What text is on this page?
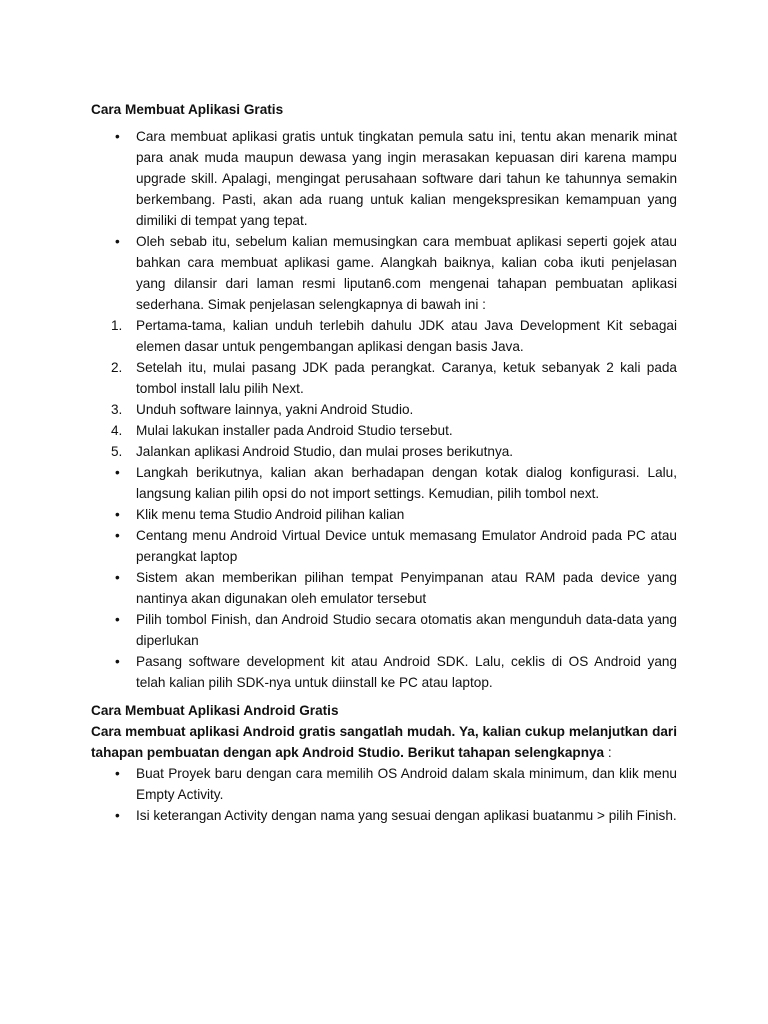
Cara Membuat Aplikasi Gratis

•	Cara membuat aplikasi gratis untuk tingkatan pemula satu ini, tentu akan menarik minat para anak muda maupun dewasa yang ingin merasakan kepuasan diri karena mampu upgrade skill. Apalagi, mengingat perusahaan software dari tahun ke tahunnya semakin berkembang. Pasti, akan ada ruang untuk kalian mengekspresikan kemampuan yang dimiliki di tempat yang tepat.
•	Oleh sebab itu, sebelum kalian memusingkan cara membuat aplikasi seperti gojek atau bahkan cara membuat aplikasi game. Alangkah baiknya, kalian coba ikuti penjelasan yang dilansir dari laman resmi liputan6.com mengenai tahapan pembuatan aplikasi sederhana. Simak penjelasan selengkapnya di bawah ini :
1.	Pertama-tama, kalian unduh terlebih dahulu JDK atau Java Development Kit sebagai elemen dasar untuk pengembangan aplikasi dengan basis Java.
2.	Setelah itu, mulai pasang JDK pada perangkat. Caranya, ketuk sebanyak 2 kali pada tombol install lalu pilih Next.
3.	Unduh software lainnya, yakni Android Studio.
4.	Mulai lakukan installer pada Android Studio tersebut.
5.	Jalankan aplikasi Android Studio, dan mulai proses berikutnya.
•	Langkah berikutnya, kalian akan berhadapan dengan kotak dialog konfigurasi. Lalu, langsung kalian pilih opsi do not import settings. Kemudian, pilih tombol next.
•	Klik menu tema Studio Android pilihan kalian
•	Centang menu Android Virtual Device untuk memasang Emulator Android pada PC atau perangkat laptop
•	Sistem akan memberikan pilihan tempat Penyimpanan atau RAM pada device yang nantinya akan digunakan oleh emulator tersebut
•	Pilih tombol Finish, dan Android Studio secara otomatis akan mengunduh data-data yang diperlukan
•	Pasang software development kit atau Android SDK. Lalu, ceklis di OS Android yang telah kalian pilih SDK-nya untuk diinstall ke PC atau laptop.

Cara Membuat Aplikasi Android Gratis

Cara membuat aplikasi Android gratis sangatlah mudah. Ya, kalian cukup melanjutkan dari tahapan pembuatan dengan apk Android Studio. Berikut tahapan selengkapnya :

•	Buat Proyek baru dengan cara memilih OS Android dalam skala minimum, dan klik menu Empty Activity.
•	Isi keterangan Activity dengan nama yang sesuai dengan aplikasi buatanmu > pilih Finish.
